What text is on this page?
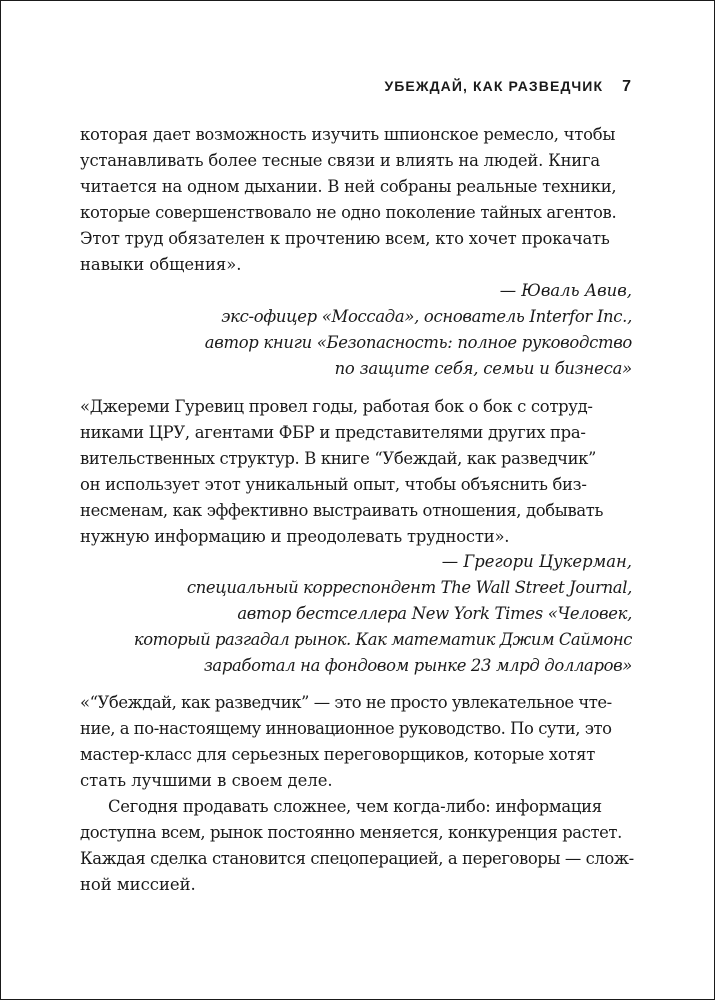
УБЕЖДАЙ, КАК РАЗВЕДЧИК 7
которая дает возможность изучить шпионское ремесло, чтобы
устанавливать более тесные связи и влиять на людей. Книга
читается на одном дыхании. В ней собраны реальные техники,
которые совершенствовало не одно поколение тайных агентов.
Этот труд обязателен к прочтению всем, кто хочет прокачать
навыки общения».
— Юваль Авив,
экс-офицер «Моссада», основатель Interfor Inc.,
автор книги «Безопасность: полное руководство
по защите себя, семьи и бизнеса»
«Джереми Гуревиц провел годы, работая бок о бок с сотруд-
никами ЦРУ, агентами ФБР и представителями других пра-
вительственных структур. В книге “Убеждай, как разведчик”
он использует этот уникальный опыт, чтобы объяснить биз-
несменам, как эффективно выстраивать отношения, добывать
нужную информацию и преодолевать трудности».
— Грегори Цукерман,
специальный корреспондент The Wall Street Journal,
автор бестселлера New York Times «Человек,
который разгадал рынок. Как математик Джим Саймонс
заработал на фондовом рынке 23 млрд долларов»
«“Убеждай, как разведчик” — это не просто увлекательное чте-
ние, а по-настоящему инновационное руководство. По сути, это
мастер-класс для серьезных переговорщиков, которые хотят
стать лучшими в своем деле.
Сегодня продавать сложнее, чем когда-либо: информация
доступна всем, рынок постоянно меняется, конкуренция растет.
Каждая сделка становится спецоперацией, а переговоры — слож-
ной миссией.
